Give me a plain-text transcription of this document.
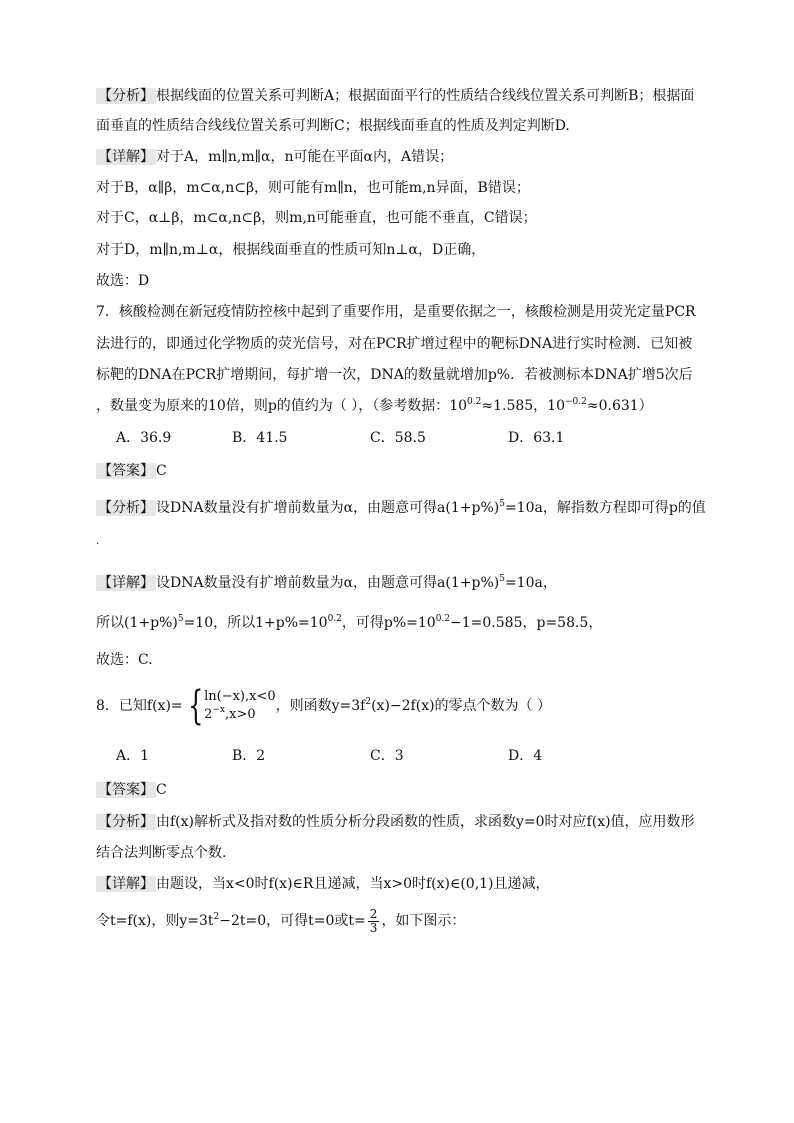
【分析】 根据线面的位置关系可判断A；根据面面平行的性质结合线线位置关系可判断B；根据面
面垂直的性质结合线线位置关系可判断C；根据线面垂直的性质及判定判断D.
【详解】 对于A，m∥n,m∥α，n可能在平面α内，A错误；
对于B，α∥β，m⊂α,n⊂β，则可能有m∥n，也可能m,n异面，B错误；
对于C，α⊥β，m⊂α,n⊂β，则m,n可能垂直，也可能不垂直，C错误；
对于D，m∥n,m⊥α，根据线面垂直的性质可知n⊥α，D正确，
故选：D
7．核酸检测在新冠疫情防控核中起到了重要作用，是重要依据之一，核酸检测是用荧光定量PCR
法进行的，即通过化学物质的荧光信号，对在PCR扩增过程中的靶标DNA进行实时检测．已知被
标靶的DNA在PCR扩增期间，每扩增一次，DNA的数量就增加p%．若被测标本DNA扩增5次后
，数量变为原来的10倍，则p的值约为（ ），（参考数据：$10^{0.2}\approx 1.585$，$10^{-0.2}\approx 0.631$）
A．36.9	B．41.5	C．58.5	D．63.1
【答案】 C
【分析】 设DNA数量没有扩增前数量为α，由题意可得$a(1+p\%)^5=10a$，解指数方程即可得p的值
.
【详解】 设DNA数量没有扩增前数量为α，由题意可得$a(1+p\%)^5=10a$，
所以$(1+p\%)^5=10$，所以$1+p\%=10^{0.2}$，可得$p\%=10^{0.2}-1=0.585$，p=58.5，
故选：C.
8．已知f(x)= { ln(−x),x<0
$2^{-x},x>0$
，则函数$y=3f^2(x)-2f(x)$的零点个数为（ ）
A．1	B．2	C．3	D．4
【答案】 C
【分析】 由f(x)解析式及指对数的性质分析分段函数的性质，求函数y=0时对应f(x)值，应用数形
结合法判断零点个数.
【详解】 由题设，当x<0时f(x)∈R且递减，当x>0时f(x)∈(0,1)且递减，
令t=f(x)，则$y=3t^2-2t=0$，可得t=0或$t= \frac{2}{3}$ ，如下图示：
